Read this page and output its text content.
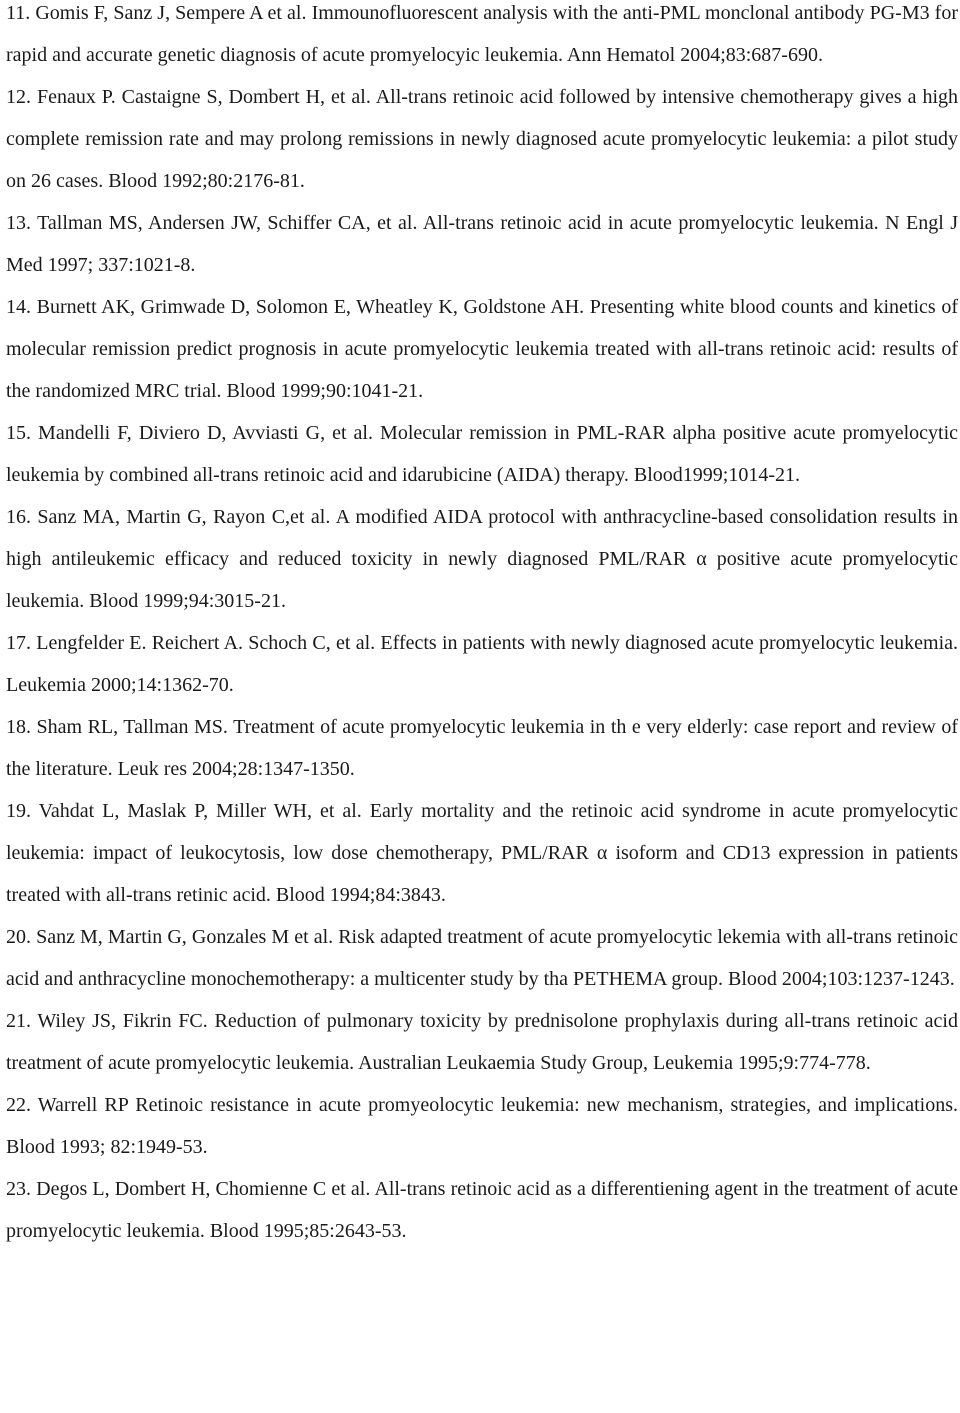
11. Gomis F, Sanz J, Sempere A et al. Immounofluorescent analysis with the anti-PML monclonal antibody PG-M3 for rapid and accurate genetic diagnosis of acute promyelocyic leukemia. Ann Hematol 2004;83:687-690.
12. Fenaux P. Castaigne S, Dombert H, et al. All-trans retinoic acid followed by intensive chemotherapy gives a high complete remission rate and may prolong remissions in newly diagnosed acute promyelocytic leukemia: a pilot study on 26 cases. Blood 1992;80:2176-81.
13. Tallman MS, Andersen JW, Schiffer CA, et al. All-trans retinoic acid in acute promyelocytic leukemia. N Engl J Med 1997; 337:1021-8.
14. Burnett AK, Grimwade D, Solomon E, Wheatley K, Goldstone AH. Presenting white blood counts and kinetics of molecular remission predict prognosis in acute promyelocytic leukemia treated with all-trans retinoic acid: results of the randomized MRC trial. Blood 1999;90:1041-21.
15. Mandelli F, Diviero D, Avviasti G, et al. Molecular remission in PML-RAR alpha positive acute promyelocytic leukemia by combined all-trans retinoic acid and idarubicine (AIDA) therapy. Blood1999;1014-21.
16. Sanz MA, Martin G, Rayon C,et al. A modified AIDA protocol with anthracycline-based consolidation results in high antileukemic efficacy and reduced toxicity in newly diagnosed PML/RAR α positive acute promyelocytic leukemia. Blood 1999;94:3015-21.
17. Lengfelder E. Reichert A. Schoch C, et al. Effects in patients with newly diagnosed acute promyelocytic leukemia. Leukemia 2000;14:1362-70.
18. Sham RL, Tallman MS. Treatment of acute promyelocytic leukemia in th e very elderly: case report and review of the literature. Leuk res 2004;28:1347-1350.
19. Vahdat L, Maslak P, Miller WH, et al. Early mortality and the retinoic acid syndrome in acute promyelocytic leukemia: impact of leukocytosis, low dose chemotherapy, PML/RAR α isoform and CD13 expression in patients treated with all-trans retinic acid. Blood 1994;84:3843.
20. Sanz M, Martin G, Gonzales M et al. Risk adapted treatment of acute promyelocytic lekemia with all-trans retinoic acid and anthracycline monochemotherapy: a multicenter study by tha PETHEMA group. Blood 2004;103:1237-1243.
21. Wiley JS, Fikrin FC. Reduction of pulmonary toxicity by prednisolone prophylaxis during all-trans retinoic acid treatment of acute promyelocytic leukemia. Australian Leukaemia Study Group, Leukemia 1995;9:774-778.
22. Warrell RP Retinoic resistance in acute promyeolocytic leukemia: new mechanism, strategies, and implications. Blood 1993; 82:1949-53.
23. Degos L, Dombert H, Chomienne C et al. All-trans retinoic acid as a differentiening agent in the treatment of acute promyelocytic leukemia. Blood 1995;85:2643-53.
